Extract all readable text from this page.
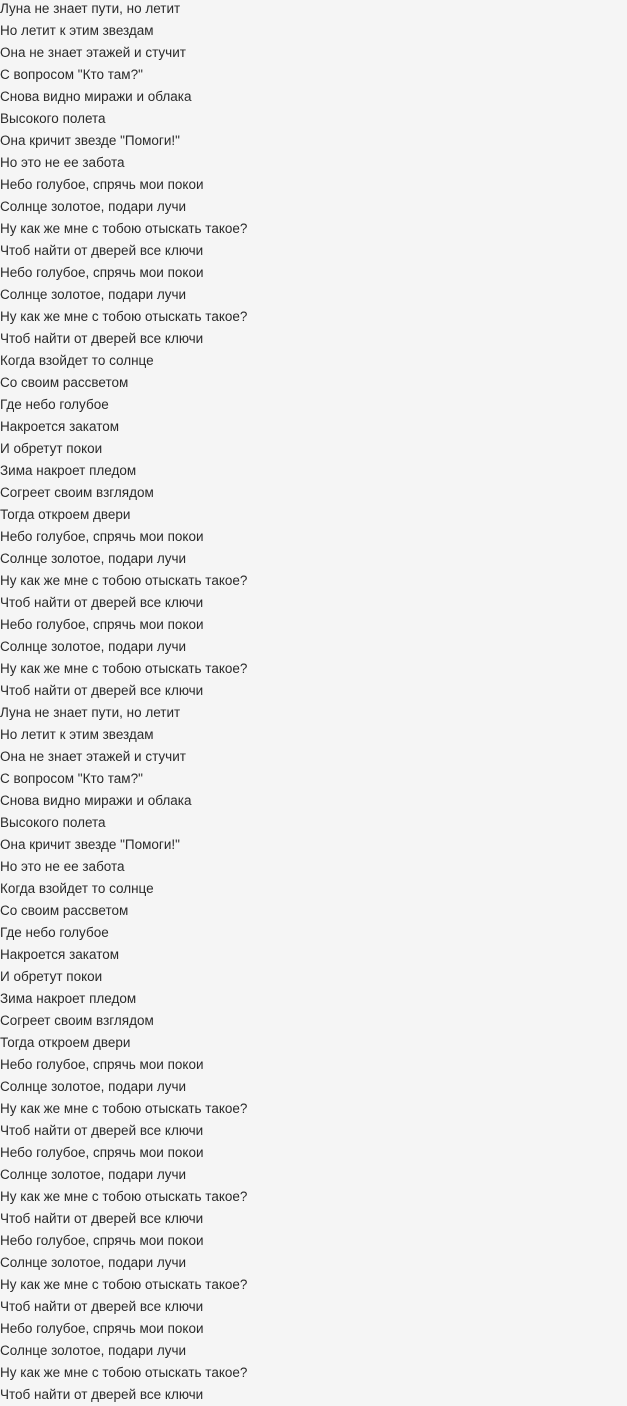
Луна не знает пути, но летит
Но летит к этим звездам
Она не знает этажей и стучит
С вопросом "Кто там?"
Снова видно миражи и облака
Высокого полета
Она кричит звезде "Помоги!"
Но это не ее забота
Небо голубое, спрячь мои покои
Солнце золотое, подари лучи
Ну как же мне с тобою отыскать такое?
Чтоб найти от дверей все ключи
Небо голубое, спрячь мои покои
Солнце золотое, подари лучи
Ну как же мне с тобою отыскать такое?
Чтоб найти от дверей все ключи
Когда взойдет то солнце
Со своим рассветом
Где небо голубое
Накроется закатом
И обретут покои
Зима накроет пледом
Согреет своим взглядом
Тогда откроем двери
Небо голубое, спрячь мои покои
Солнце золотое, подари лучи
Ну как же мне с тобою отыскать такое?
Чтоб найти от дверей все ключи
Небо голубое, спрячь мои покои
Солнце золотое, подари лучи
Ну как же мне с тобою отыскать такое?
Чтоб найти от дверей все ключи
Луна не знает пути, но летит
Но летит к этим звездам
Она не знает этажей и стучит
С вопросом "Кто там?"
Снова видно миражи и облака
Высокого полета
Она кричит звезде "Помоги!"
Но это не ее забота
Когда взойдет то солнце
Со своим рассветом
Где небо голубое
Накроется закатом
И обретут покои
Зима накроет пледом
Согреет своим взглядом
Тогда откроем двери
Небо голубое, спрячь мои покои
Солнце золотое, подари лучи
Ну как же мне с тобою отыскать такое?
Чтоб найти от дверей все ключи
Небо голубое, спрячь мои покои
Солнце золотое, подари лучи
Ну как же мне с тобою отыскать такое?
Чтоб найти от дверей все ключи
Небо голубое, спрячь мои покои
Солнце золотое, подари лучи
Ну как же мне с тобою отыскать такое?
Чтоб найти от дверей все ключи
Небо голубое, спрячь мои покои
Солнце золотое, подари лучи
Ну как же мне с тобою отыскать такое?
Чтоб найти от дверей все ключи
